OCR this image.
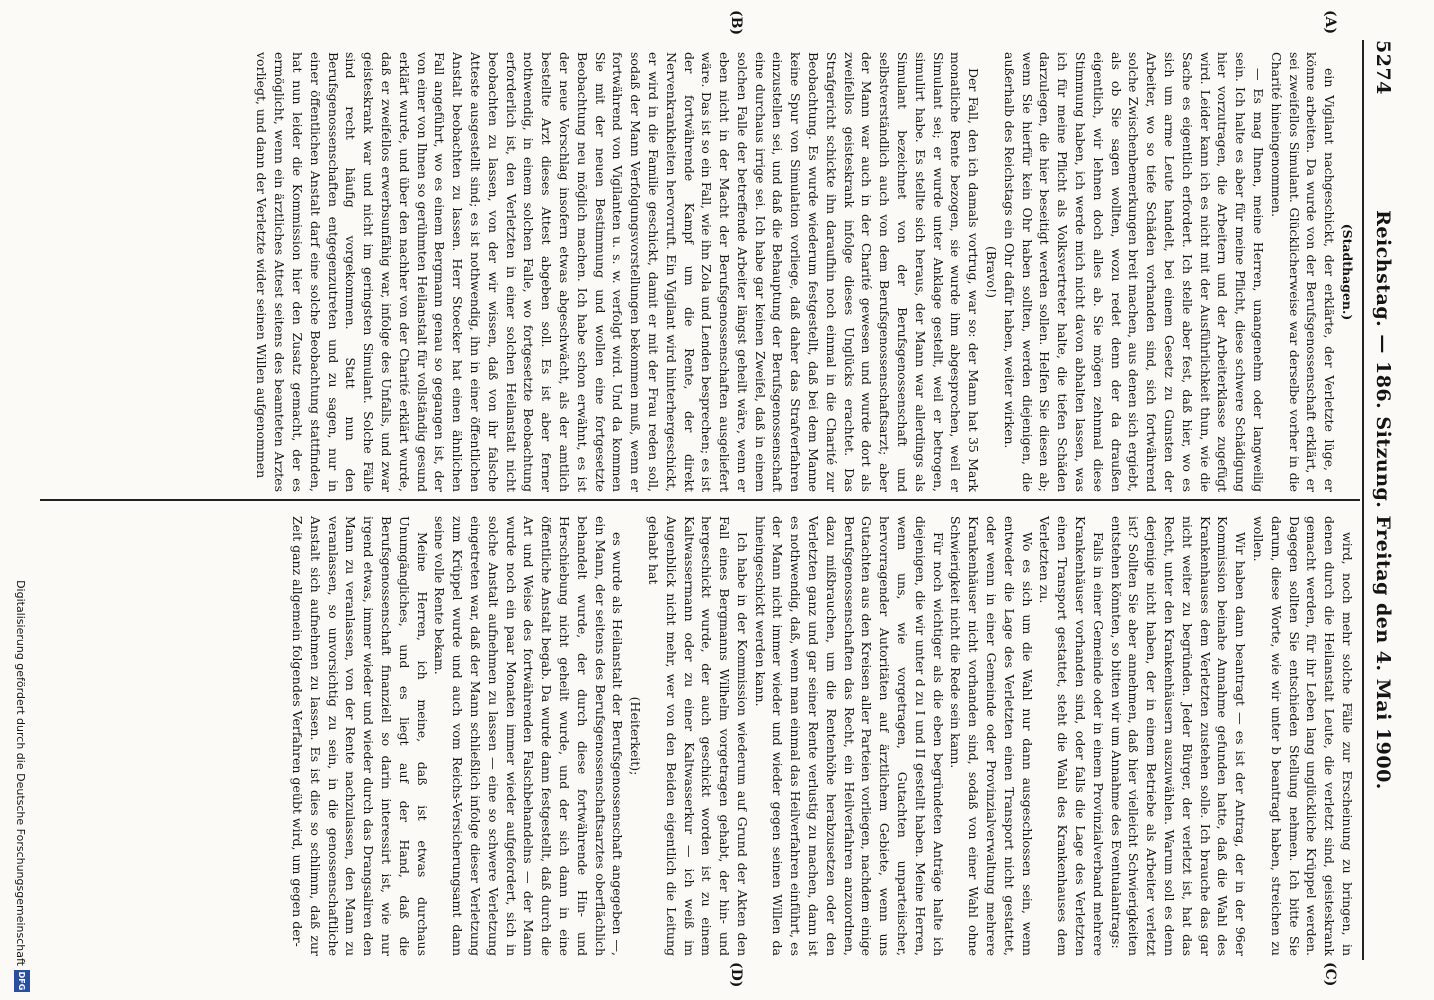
5274
Reichstag. — 186. Sitzung. Freitag den 4. Mai 1900.
(A)
(B)
(C)
(D)

(Stadthagen.)

ein Vigilant nachgeschickt, der erklärte, der Verletzte lüge, er könne arbeiten. Da wurde von der Berufsgenossenschaft erklärt, er sei zweifellos Simulant. Glücklicherweise war derselbe vorher in die Charité hineingenommen.

— Es mag Ihnen, meine Herren, unangenehm oder langweilig sein. Ich halte es aber für meine Pflicht, diese schwere Schädigung hier vorzutragen, die Arbeitern und der Arbeiterklasse zugefügt wird. Leider kann ich es nicht mit der Ausführlichkeit thun, wie die Sache es eigentlich erfordert. Ich stelle aber fest, daß hier, wo es sich um arme Leute handelt, bei einem Gesetz zu Gunsten der Arbeiter, wo so tiefe Schäden vorhanden sind, sich fortwährend solche Zwischenbemerkungen breit machen, aus denen sich ergiebt, als ob Sie sagen wollten, wozu redet denn der da draußen eigentlich, wir lehnen doch alles ab. Sie mögen zehnmal diese Stimmung haben, ich werde mich nicht davon abhalten lassen, was ich für meine Pflicht als Volksvertreter halte, die tiefen Schäden darzulegen, die hier beseitigt werden sollen. Helfen Sie diesen ab; wenn Sie hierfür kein Ohr haben sollten, werden diejenigen, die außerhalb des Reichstags ein Ohr dafür haben, weiter wirken.

(Bravo!)

Der Fall, den ich damals vortrug, war so: der Mann hat 35 Mark monatliche Rente bezogen, sie wurde ihm abgesprochen, weil er Simulant sei; er wurde unter Anklage gestellt, weil er betrogen, simulirt habe. Es stellte sich heraus, der Mann war allerdings als Simulant bezeichnet von der Berufsgenossenschaft und selbstverständlich auch von dem Berufsgenossenschaftsarzt; aber der Mann war auch in der Charité gewesen und wurde dort als zweifellos geisteskrank infolge dieses Unglücks erachtet. Das Strafgericht schickte ihn daraufhin noch einmal in die Charité zur Beobachtung. Es wurde wiederum festgestellt, daß bei dem Manne keine Spur von Simulation vorliege, daß daher das Strafverfahren einzustellen sei, und daß die Behauptung der Berufsgenossenschaft eine durchaus irrige sei. Ich habe gar keinen Zweifel, daß in einem solchen Falle der betreffende Arbeiter längst geheilt wäre, wenn er eben nicht in der Macht der Berufsgenossenschaften ausgeliefert wäre. Das ist so ein Fall, wie ihn Zola und Lenden besprechen; es ist der fortwährende Kampf um die Rente, der direkt Nervenkrankheiten hervorruft. Ein Vigilant wird hinterhergeschickt, er wird in die Familie geschickt, damit er mit der Frau reden soll, sodaß der Mann Verfolgungsvorstellungen bekommen muß, wenn er fortwährend von Vigilanten u. s. w. verfolgt wird. Und da kommen Sie mit der neuen Bestimmung und wollen eine fortgesetzte Beobachtung neu möglich machen. Ich habe schon erwähnt, es ist der neue Vorschlag insofern etwas abgeschwächt, als der amtlich bestellte Arzt dieses Attest abgeben soll. Es ist aber ferner nothwendig, in einem solchen Falle, wo fortgesetzte Beobachtung erforderlich ist, den Verletzten in einer solchen Heilanstalt nicht beobachten zu lassen, von der wir wissen, daß von ihr falsche Atteste ausgestellt sind; es ist nothwendig, ihn in einer öffentlichen Anstalt beobachten zu lassen. Herr Stoecker hat einen ähnlichen Fall angeführt, wo es einem Bergmann genau so gegangen ist, der von einer von Ihnen so gerühmten Heilanstalt für vollständig gesund erklärt wurde, und über den nachher von der Charité erklärt wurde, daß er zweifellos erwerbsunfähig war, infolge des Unfalls, und zwar geisteskrank war und nicht im geringsten Simulant. Solche Fälle sind recht häufig vorgekommen. Statt nun den Berufsgenossenschaften entgegenzutreten und zu sagen, nur in einer öffentlichen Anstalt darf eine solche Beobachtung stattfinden, hat nun leider die Kommission hier den Zusatz gemacht, der es ermöglicht, wenn ein ärztliches Attest seitens des beamteten Arztes vorliegt, und dann der Verletzte wider seinen Willen aufgenommen

wird, noch mehr solche Fälle zur Erscheinung zu bringen, in denen durch die Heilanstalt Leute, die verletzt sind, geisteskrank gemacht werden, für ihr Leben lang unglückliche Krüppel werden. Dagegen sollten Sie entschieden Stellung nehmen. Ich bitte Sie darum, diese Worte, wie wir unter b beantragt haben, streichen zu wollen.

Wir haben dann beantragt — es ist der Antrag, der in der 96er Kommission beinahe Annahme gefunden hatte, daß die Wahl des Krankenhauses dem Verletzten zustehen solle. Ich brauche das gar nicht weiter zu begründen. Jeder Bürger, der verletzt ist, hat das Recht, unter den Krankenhäusern auszuwählen. Warum soll es denn derjenige nicht haben, der in einem Betriebe als Arbeiter verletzt ist? Sollten Sie aber annehmen, daß hier vielleicht Schwierigkeiten entstehen könnten, so bitten wir um Annahme des Eventualantrags:

Falls in einer Gemeinde oder in einem Provinzialverband mehrere Krankenhäuser vorhanden sind, oder falls die Lage des Verletzten einen Transport gestattet, steht die Wahl des Krankenhauses dem Verletzten zu.

Wo es sich um die Wahl nur dann ausgeschlossen sein, wenn entweder die Lage des Verletzten einen Transport nicht gestattet, oder wenn in einer Gemeinde oder Provinzialverwaltung mehrere Krankenhäuser nicht vorhanden sind, sodaß von einer Wahl ohne Schwierigkeit nicht die Rede sein kann.

Für noch wichtiger als die eben begründeten Anträge halte ich diejenigen, die wir unter d zu I und II gestellt haben. Meine Herren, wenn uns, wie vorgetragen, Gutachten unparteiischer, hervorragender Autoritäten auf ärztlichem Gebiete, wenn uns Gutachten aus den Kreisen aller Parteien vorliegen, nachdem einige Berufsgenossenschaften das Recht, ein Heilverfahren anzuordnen, dazu mißbrauchen, um die Rentenhöhe herabzusetzen oder den Verletzten ganz und gar seiner Rente verlustig zu machen, dann ist es nothwendig, daß, wenn man einmal das Heilverfahren einführt, es der Mann nicht immer wieder und wieder gegen seinen Willen da hineingeschickt werden kann.

Ich habe in der Kommission wiederum auf Grund der Akten den Fall eines Bergmanns Wilhelm vorgetragen gehabt, der hin- und hergeschickt wurde, der auch geschickt worden ist zu einem Kaltwassermann oder zu einer Kaltwasserkur — ich weiß im Augenblick nicht mehr, wer von den Beiden eigentlich die Leitung gehabt hat

(Heiterkeit);

es wurde als Heilanstalt der Berufsgenossenschaft angegeben —, ein Mann, der seitens des Berufsgenossenschaftsarztes oberflächlich behandelt wurde, der durch diese fortwährende Hin- und Herschiebung nicht geheilt wurde, und der sich dann in eine öffentliche Anstalt begab. Da wurde dann festgestellt, daß durch die Art und Weise des fortwährenden Falschbehandelns — der Mann wurde noch ein paar Monaten immer wieder aufgefordert, sich in solche Anstalt aufnehmen zu lassen — eine so schwere Verletzung eingetreten war, daß der Mann schließlich infolge dieser Verletzung zum Krüppel wurde und auch vom Reichs-Versicherungsamt dann seine volle Rente bekam.

Meine Herren, ich meine, daß ist etwas durchaus Unumgängliches, und es liegt auf der Hand, daß die Berufsgenossenschaft finanziell so darin interessirt ist, wie nur irgend etwas, immer wieder und wieder durch das Drangsaliren den Mann zu veranlassen, von der Rente nachzulassen, den Mann zu veranlassen, so unvorsichtig zu sein, in die genossenschaftliche Anstalt sich aufnehmen zu lassen. Es ist dies so schlimm, daß zur Zeit ganz allgemein folgendes Verfahren geübt wird, um gegen der-

Digitalisierung gefördert durch die Deutsche Forschungsgemeinschaft
DFG
